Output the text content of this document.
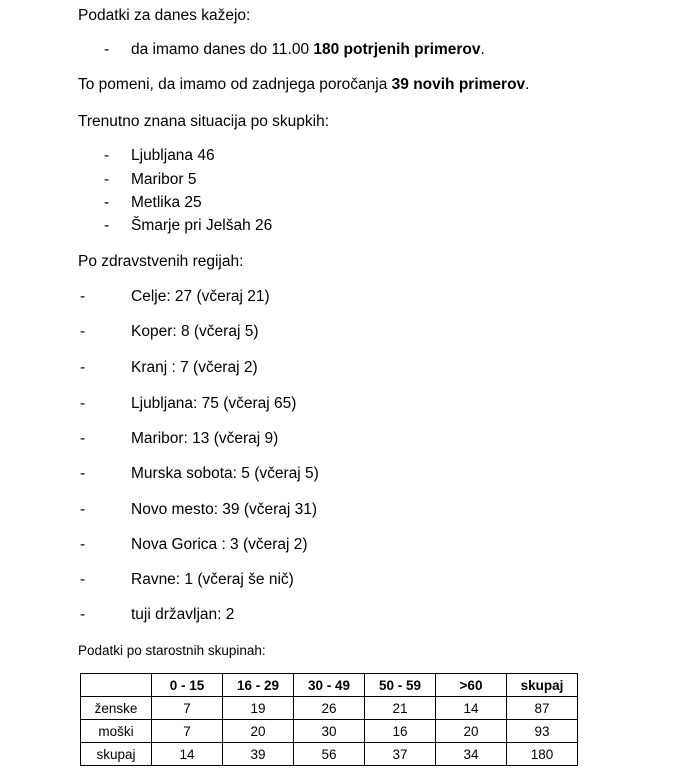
Podatki za danes kažejo:
- da imamo danes do 11.00 180 potrjenih primerov.
To pomeni, da imamo od zadnjega poročanja 39 novih primerov.
Trenutno znana situacija po skupkih:
- Ljubljana 46
- Maribor 5
- Metlika 25
- Šmarje pri Jelšah 26
Po zdravstvenih regijah:
-	Celje: 27 (včeraj 21)
-	Koper: 8 (včeraj 5)
-	Kranj : 7 (včeraj 2)
-	Ljubljana: 75 (včeraj 65)
-	Maribor: 13 (včeraj 9)
-	Murska sobota: 5 (včeraj 5)
-	Novo mesto: 39 (včeraj 31)
-	Nova Gorica : 3 (včeraj 2)
-	Ravne: 1 (včeraj še nič)
-	tuji državljan: 2
Podatki po starostnih skupinah:
	0 - 15	16 - 29	30 - 49	50 - 59	>60	skupaj
ženske	7	19	26	21	14	87
moški	7	20	30	16	20	93
skupaj	14	39	56	37	34	180
